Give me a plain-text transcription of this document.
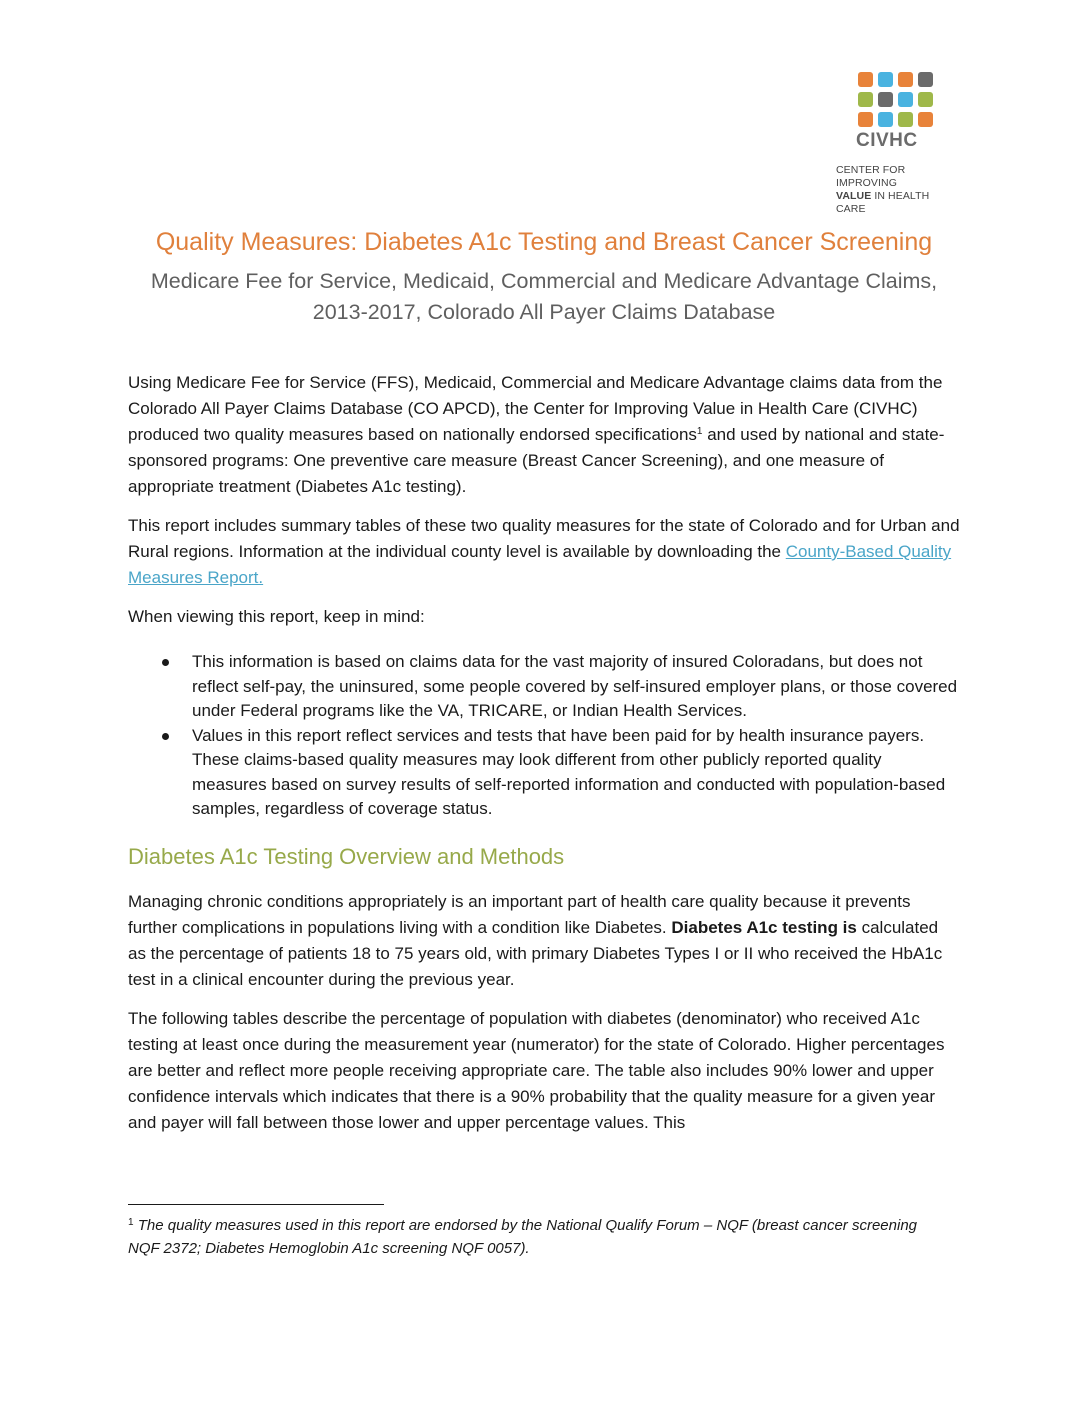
CIVHC
CENTER FOR IMPROVING
VALUE IN HEALTH CARE
Quality Measures: Diabetes A1c Testing and Breast Cancer Screening
Medicare Fee for Service, Medicaid, Commercial and Medicare Advantage Claims,
2013-2017, Colorado All Payer Claims Database

Using Medicare Fee for Service (FFS), Medicaid, Commercial and Medicare Advantage claims data from the Colorado All Payer Claims Database (CO APCD), the Center for Improving Value in Health Care (CIVHC) produced two quality measures based on nationally endorsed specifications$^1$ and used by national and state-sponsored programs: One preventive care measure (Breast Cancer Screening), and one measure of appropriate treatment (Diabetes A1c testing).

This report includes summary tables of these two quality measures for the state of Colorado and for Urban and Rural regions. Information at the individual county level is available by downloading the County-Based Quality Measures Report.

When viewing this report, keep in mind:
This information is based on claims data for the vast majority of insured Coloradans, but does not reflect self-pay, the uninsured, some people covered by self-insured employer plans, or those covered under Federal programs like the VA, TRICARE, or Indian Health Services.
Values in this report reflect services and tests that have been paid for by health insurance payers. These claims-based quality measures may look different from other publicly reported quality measures based on survey results of self-reported information and conducted with population-based samples, regardless of coverage status.
Diabetes A1c Testing Overview and Methods

Managing chronic conditions appropriately is an important part of health care quality because it prevents further complications in populations living with a condition like Diabetes. Diabetes A1c testing is calculated as the percentage of patients 18 to 75 years old, with primary Diabetes Types I or II who received the HbA1c test in a clinical encounter during the previous year.

The following tables describe the percentage of population with diabetes (denominator) who received A1c testing at least once during the measurement year (numerator) for the state of Colorado. Higher percentages are better and reflect more people receiving appropriate care. The table also includes 90% lower and upper confidence intervals which indicates that there is a 90% probability that the quality measure for a given year and payer will fall between those lower and upper percentage values. This
$^1$ The quality measures used in this report are endorsed by the National Qualify Forum – NQF (breast cancer screening NQF 2372; Diabetes Hemoglobin A1c screening NQF 0057).
